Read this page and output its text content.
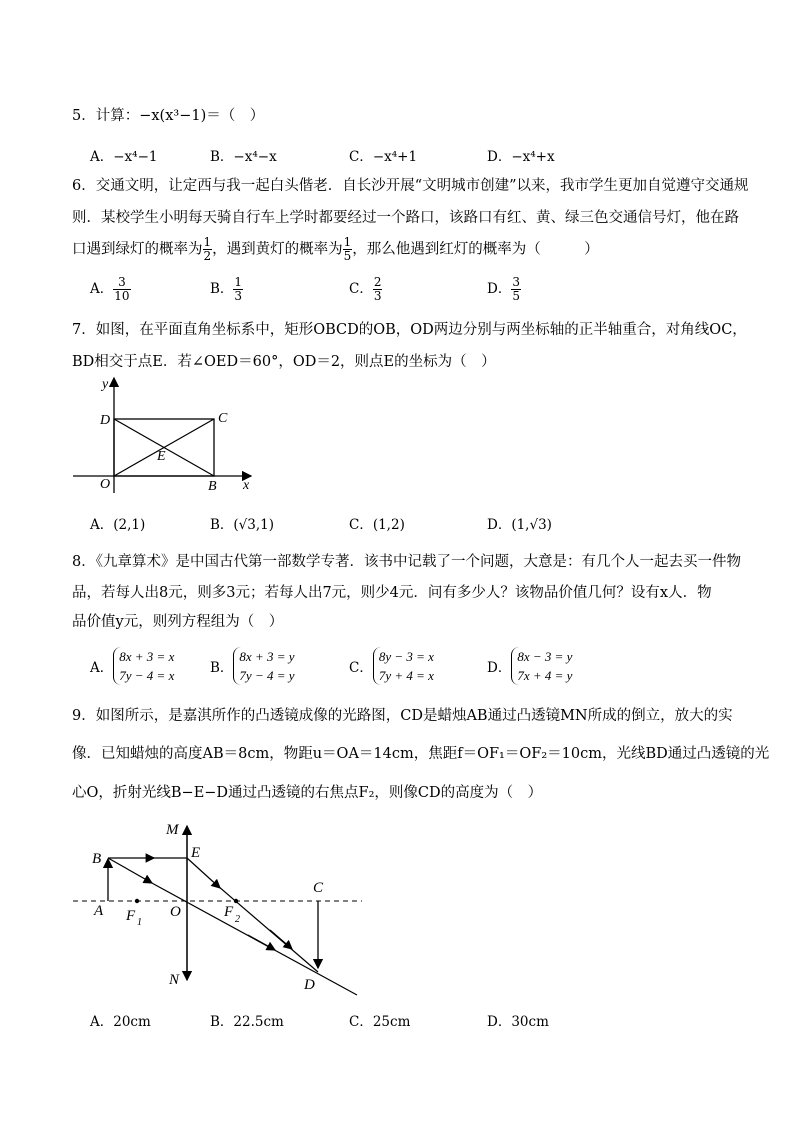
5．计算：−x(x³−1)＝（　）
A．−x⁴−1	B．−x⁴−x	C．−x⁴+1	D．−x⁴+x
6．交通文明，让定西与我一起白头偕老．自长沙开展“文明城市创建”以来，我市学生更加自觉遵守交通规
则．某校学生小明每天骑自行车上学时都要经过一个路口，该路口有红、黄、绿三色交通信号灯，他在路
口遇到绿灯的概率为 $\frac{1}{2}$ ，遇到黄灯的概率为 $\frac{1}{5}$ ，那么他遇到红灯的概率为（　　　）
A． $\frac{3}{10}$	B． $\frac{1}{3}$	C． $\frac{2}{3}$	D． $\frac{3}{5}$
7．如图，在平面直角坐标系中，矩形OBCD的OB，OD两边分别与两坐标轴的正半轴重合，对角线OC，
BD相交于点E．若∠OED＝60°，OD＝2，则点E的坐标为（　）
y
x
O	B
C
D
E
A．(2,1)	B．(√3,1)	C．(1,2)	D．(1,√3)
8．《九章算术》是中国古代第一部数学专著．该书中记载了一个问题，大意是：有几个人一起去买一件物
品，若每人出8元，则多3元；若每人出7元，则少4元．问有多少人？该物品价值几何？设有x人．物
品价值y元，则列方程组为（　）
A．
8x + 3 = x
7y − 4 = x	B．
8x + 3 = y
7y − 4 = y	C．
8y − 3 = x
7y + 4 = x	D．
8x − 3 = y
7x + 4 = y
9．如图所示，是嘉淇所作的凸透镜成像的光路图，CD是蜡烛AB通过凸透镜MN所成的倒立，放大的实
像．已知蜡烛的高度AB＝8cm，物距u＝OA＝14cm，焦距f＝OF₁＝OF₂＝10cm，光线BD通过凸透镜的光
心O，折射光线B−E−D通过凸透镜的右焦点F₂，则像CD的高度为（　）
M
N
B	E
A	O
F 1
F 2
C
D
A．20cm	B．22.5cm	C．25cm	D．30cm
